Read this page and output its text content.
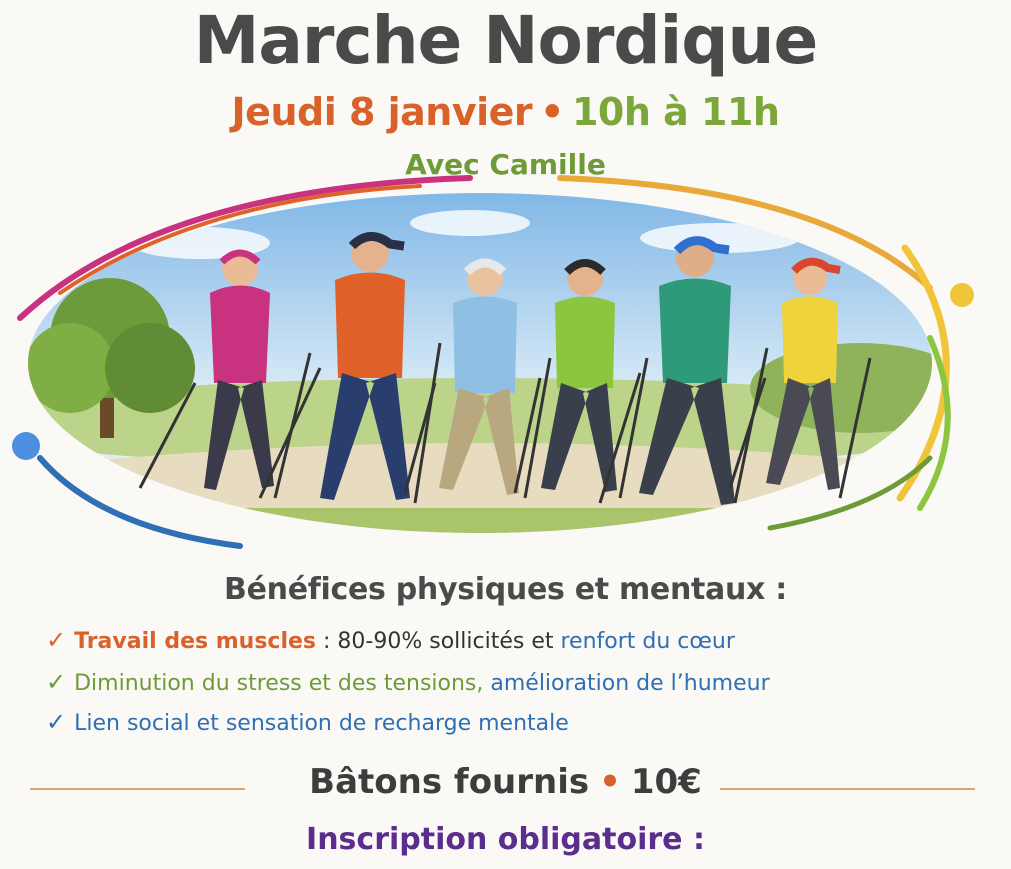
Marche Nordique
Jeudi 8 janvier • 10h à 11h
Avec Camille
Bénéfices physiques et mentaux :
✓ Travail des muscles : 80-90% sollicités et renfort du cœur
✓ Diminution du stress et des tensions, amélioration de l’humeur
✓ Lien social et sensation de recharge mentale
Bâtons fournis • 10€
Inscription obligatoire :
